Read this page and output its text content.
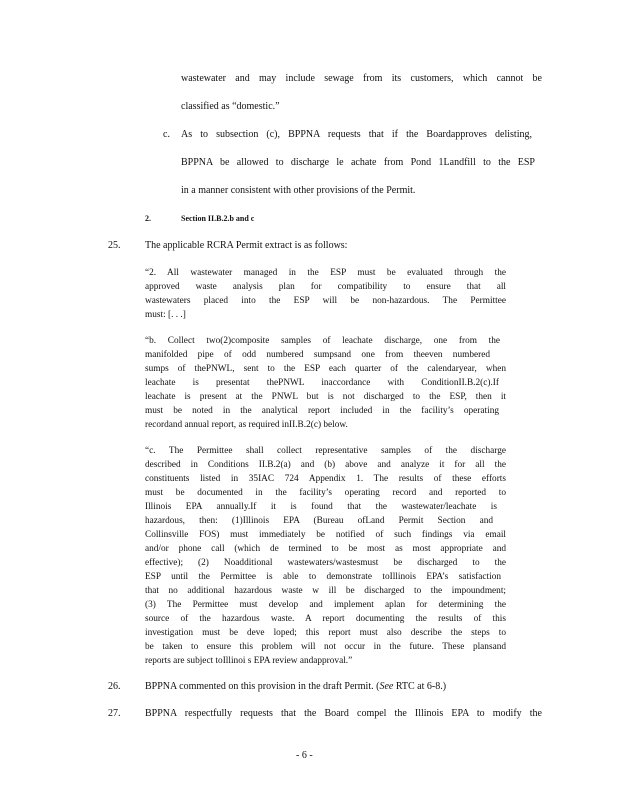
wastewater and may include sewage from its customers, which cannot be
classified as “domestic.”
c. As to subsection (c), BPPNA requests that if the Boardapproves delisting,
BPPNA be allowed to discharge le achate from Pond 1Landfill to the ESP
in a manner consistent with other provisions of the Permit.
2.	Section II.B.2.b and c
25. The applicable RCRA Permit extract is as follows:
“2. All wastewater managed in the ESP must be evaluated through the
approved waste analysis plan for compatibility to ensure that all
wastewaters placed into the ESP will be non-hazardous. The Permittee
must: [. . .]
“b. Collect two(2)composite samples of leachate discharge, one from the
manifolded pipe of odd numbered sumpsand one from theeven numbered
sumps of thePNWL, sent to the ESP each quarter of the calendaryear, when
leachate is presentat thePNWL inaccordance with ConditionII.B.2(c).If
leachate is present at the PNWL but is not discharged to the ESP, then it
must be noted in the analytical report included in the facility’s operating
recordand annual report, as required inII.B.2(c) below.
“c. The Permittee shall collect representative samples of the discharge
described in Conditions II.B.2(a) and (b) above and analyze it for all the
constituents listed in 35IAC 724 Appendix 1. The results of these efforts
must be documented in the facility’s operating record and reported to
Illinois EPA annually.If it is found that the wastewater/leachate is
hazardous, then: (1)Illinois EPA (Bureau ofLand Permit Section and
Collinsville FOS) must immediately be notified of such findings via email
and/or phone call (which de termined to be most as most appropriate and
effective); (2) Noadditional wastewaters/wastesmust be discharged to the
ESP until the Permittee is able to demonstrate toIllinois EPA’s satisfaction
that no additional hazardous waste w ill be discharged to the impoundment;
(3) The Permittee must develop and implement aplan for determining the
source of the hazardous waste. A report documenting the results of this
investigation must be deve loped; this report must also describe the steps to
be taken to ensure this problem will not occur in the future. These plansand
reports are subject toIllinoi s EPA review andapproval.”
26. BPPNA commented on this provision in the draft Permit. (See RTC at 6-8.)
27. BPPNA respectfully requests that the Board compel the Illinois EPA to modify the
- 6 -
